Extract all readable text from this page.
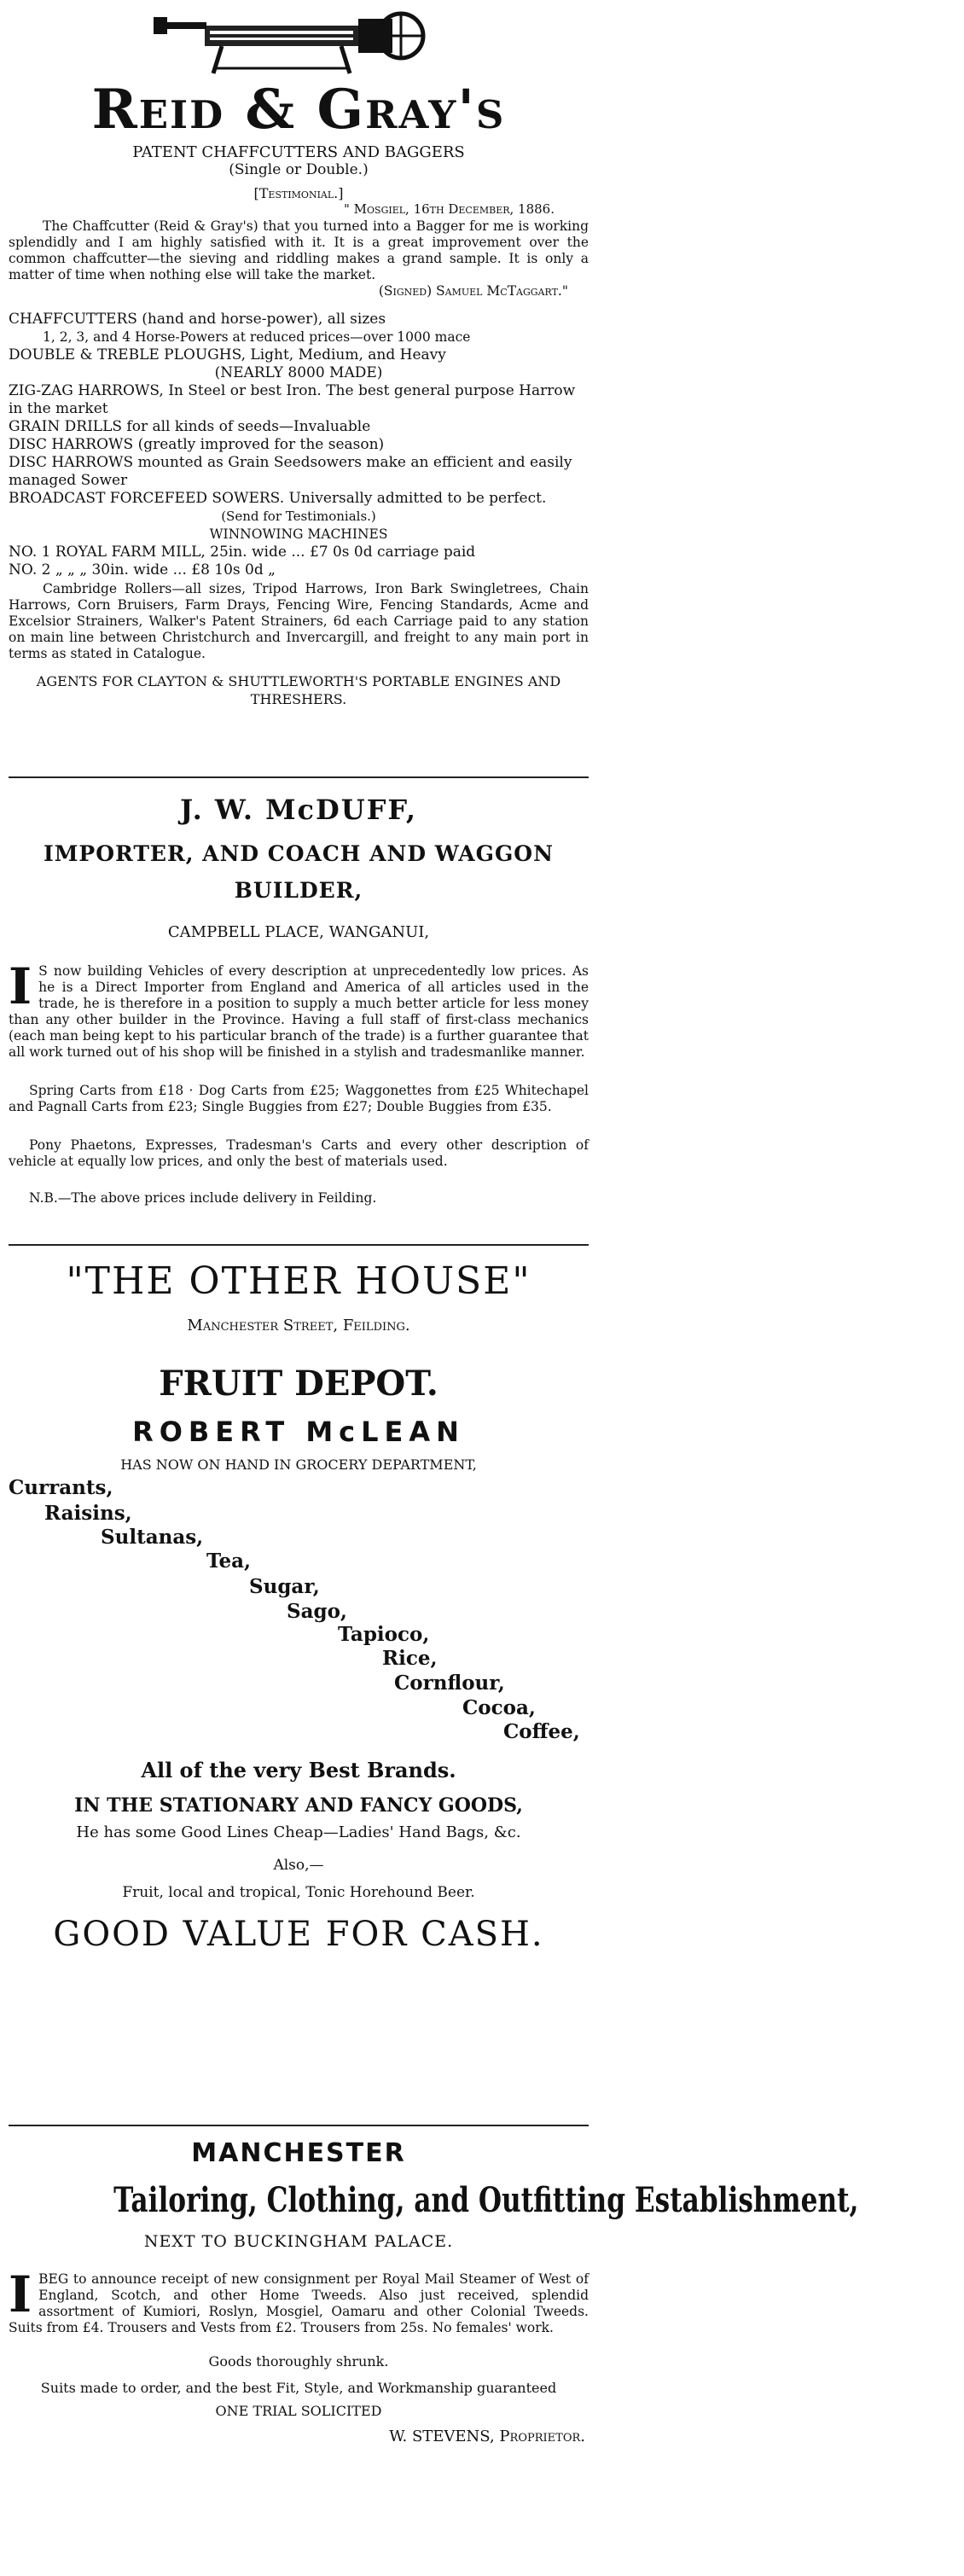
Reid & Gray's

PATENT CHAFFCUTTERS AND BAGGERS

(Single or Double.)

[Testimonial.]

" Mosgiel, 16th December, 1886.

The Chaffcutter (Reid & Gray's) that you turned into a Bagger for me is working splendidly and I am highly satisfied with it. It is a great improvement over the common chaffcutter—the sieving and riddling makes a grand sample. It is only a matter of time when nothing else will take the market.

(Signed) Samuel McTaggart."

CHAFFCUTTERS (hand and horse-power), all sizes

1, 2, 3, and 4 Horse-Powers at reduced prices—over 1000 mace

DOUBLE & TREBLE PLOUGHS, Light, Medium, and Heavy

(NEARLY 8000 MADE)

ZIG-ZAG HARROWS, In Steel or best Iron. The best general purpose Harrow in the market

GRAIN DRILLS for all kinds of seeds—Invaluable

DISC HARROWS (greatly improved for the season)

DISC HARROWS mounted as Grain Seedsowers make an efficient and easily managed Sower

BROADCAST FORCEFEED SOWERS. Universally admitted to be perfect.

(Send for Testimonials.)

WINNOWING MACHINES

NO. 1 ROYAL FARM MILL, 25in. wide ... £7 0s 0d carriage paid

NO. 2 „ „ „ 30in. wide ... £8 10s 0d „

Cambridge Rollers—all sizes, Tripod Harrows, Iron Bark Swingletrees, Chain Harrows, Corn Bruisers, Farm Drays, Fencing Wire, Fencing Standards, Acme and Excelsior Strainers, Walker's Patent Strainers, 6d each Carriage paid to any station on main line between Christchurch and Invercargill, and freight to any main port in terms as stated in Catalogue.

AGENTS FOR CLAYTON & SHUTTLEWORTH'S PORTABLE ENGINES AND THRESHERS.

J. W. McDUFF,

IMPORTER, AND COACH AND WAGGON

BUILDER,

CAMPBELL PLACE, WANGANUI,

I S now building Vehicles of every description at unprecedentedly low prices. As he is a Direct Importer from England and America of all articles used in the trade, he is therefore in a position to supply a much better article for less money than any other builder in the Province. Having a full staff of first-class mechanics (each man being kept to his particular branch of the trade) is a further guarantee that all work turned out of his shop will be finished in a stylish and tradesmanlike manner.

Spring Carts from £18 · Dog Carts from £25; Waggonettes from £25 Whitechapel and Pagnall Carts from £23; Single Buggies from £27; Double Buggies from £35.

Pony Phaetons, Expresses, Tradesman's Carts and every other description of vehicle at equally low prices, and only the best of materials used.

N.B.—The above prices include delivery in Feilding.

"THE OTHER HOUSE"

Manchester Street, Feilding.

FRUIT DEPOT.

ROBERT McLEAN

HAS NOW ON HAND IN GROCERY DEPARTMENT,

Currants,
Raisins,
Sultanas,
Tea,
Sugar,
Sago,
Tapioco,
Rice,
Cornflour,
Cocoa,
Coffee,

All of the very Best Brands.

IN THE STATIONARY AND FANCY GOODS,

He has some Good Lines Cheap—Ladies' Hand Bags, &c.

Also,—

Fruit, local and tropical, Tonic Horehound Beer.

GOOD VALUE FOR CASH.

MANCHESTER

Tailoring, Clothing, and Outfitting Establishment,

NEXT TO BUCKINGHAM PALACE.

I BEG to announce receipt of new consignment per Royal Mail Steamer of West of England, Scotch, and other Home Tweeds. Also just received, splendid assortment of Kumiori, Roslyn, Mosgiel, Oamaru and other Colonial Tweeds. Suits from £4. Trousers and Vests from £2. Trousers from 25s. No females' work.

Goods thoroughly shrunk.

Suits made to order, and the best Fit, Style, and Workmanship guaranteed

ONE TRIAL SOLICITED

W. STEVENS, Proprietor.
